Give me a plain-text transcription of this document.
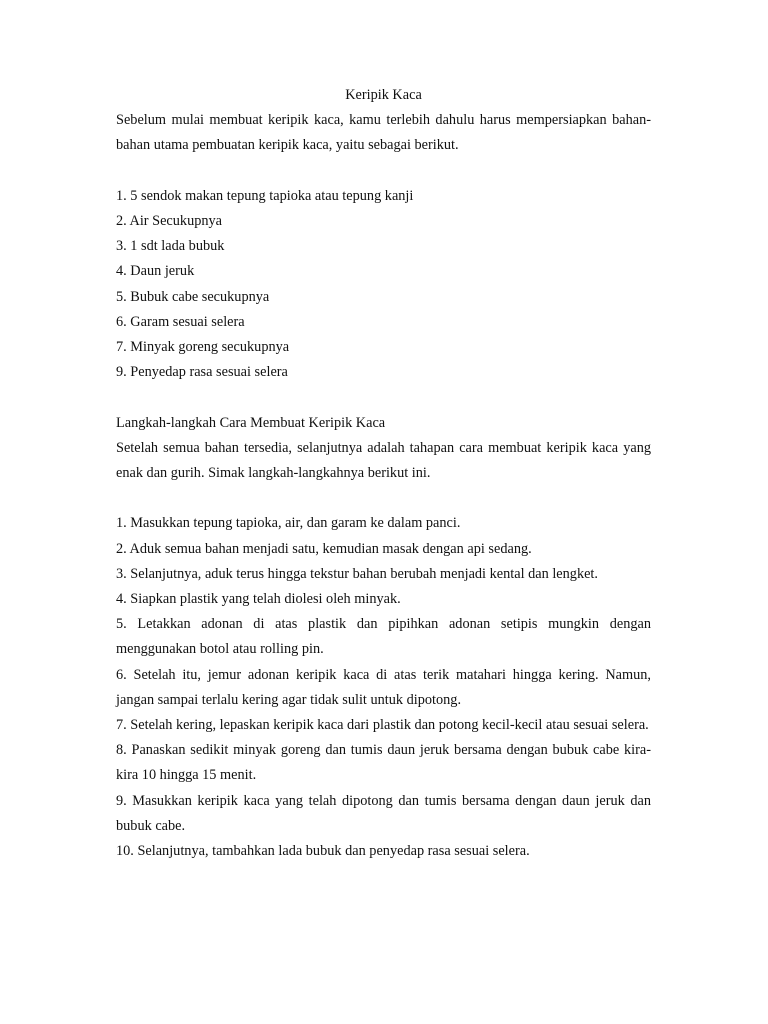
Keripik Kaca

Sebelum mulai membuat keripik kaca, kamu terlebih dahulu harus mempersiapkan bahan-bahan utama pembuatan keripik kaca, yaitu sebagai berikut.

1. 5 sendok makan tepung tapioka atau tepung kanji
2. Air Secukupnya
3. 1 sdt lada bubuk
4. Daun jeruk
5. Bubuk cabe secukupnya
6. Garam sesuai selera
7. Minyak goreng secukupnya
9. Penyedap rasa sesuai selera

Langkah-langkah Cara Membuat Keripik Kaca

Setelah semua bahan tersedia, selanjutnya adalah tahapan cara membuat keripik kaca yang enak dan gurih. Simak langkah-langkahnya berikut ini.

1. Masukkan tepung tapioka, air, dan garam ke dalam panci.
2. Aduk semua bahan menjadi satu, kemudian masak dengan api sedang.
3. Selanjutnya, aduk terus hingga tekstur bahan berubah menjadi kental dan lengket.
4. Siapkan plastik yang telah diolesi oleh minyak.
5. Letakkan adonan di atas plastik dan pipihkan adonan setipis mungkin dengan menggunakan botol atau rolling pin.
6. Setelah itu, jemur adonan keripik kaca di atas terik matahari hingga kering. Namun, jangan sampai terlalu kering agar tidak sulit untuk dipotong.
7. Setelah kering, lepaskan keripik kaca dari plastik dan potong kecil-kecil atau sesuai selera.
8. Panaskan sedikit minyak goreng dan tumis daun jeruk bersama dengan bubuk cabe kira-kira 10 hingga 15 menit.
9. Masukkan keripik kaca yang telah dipotong dan tumis bersama dengan daun jeruk dan bubuk cabe.
10. Selanjutnya, tambahkan lada bubuk dan penyedap rasa sesuai selera.
